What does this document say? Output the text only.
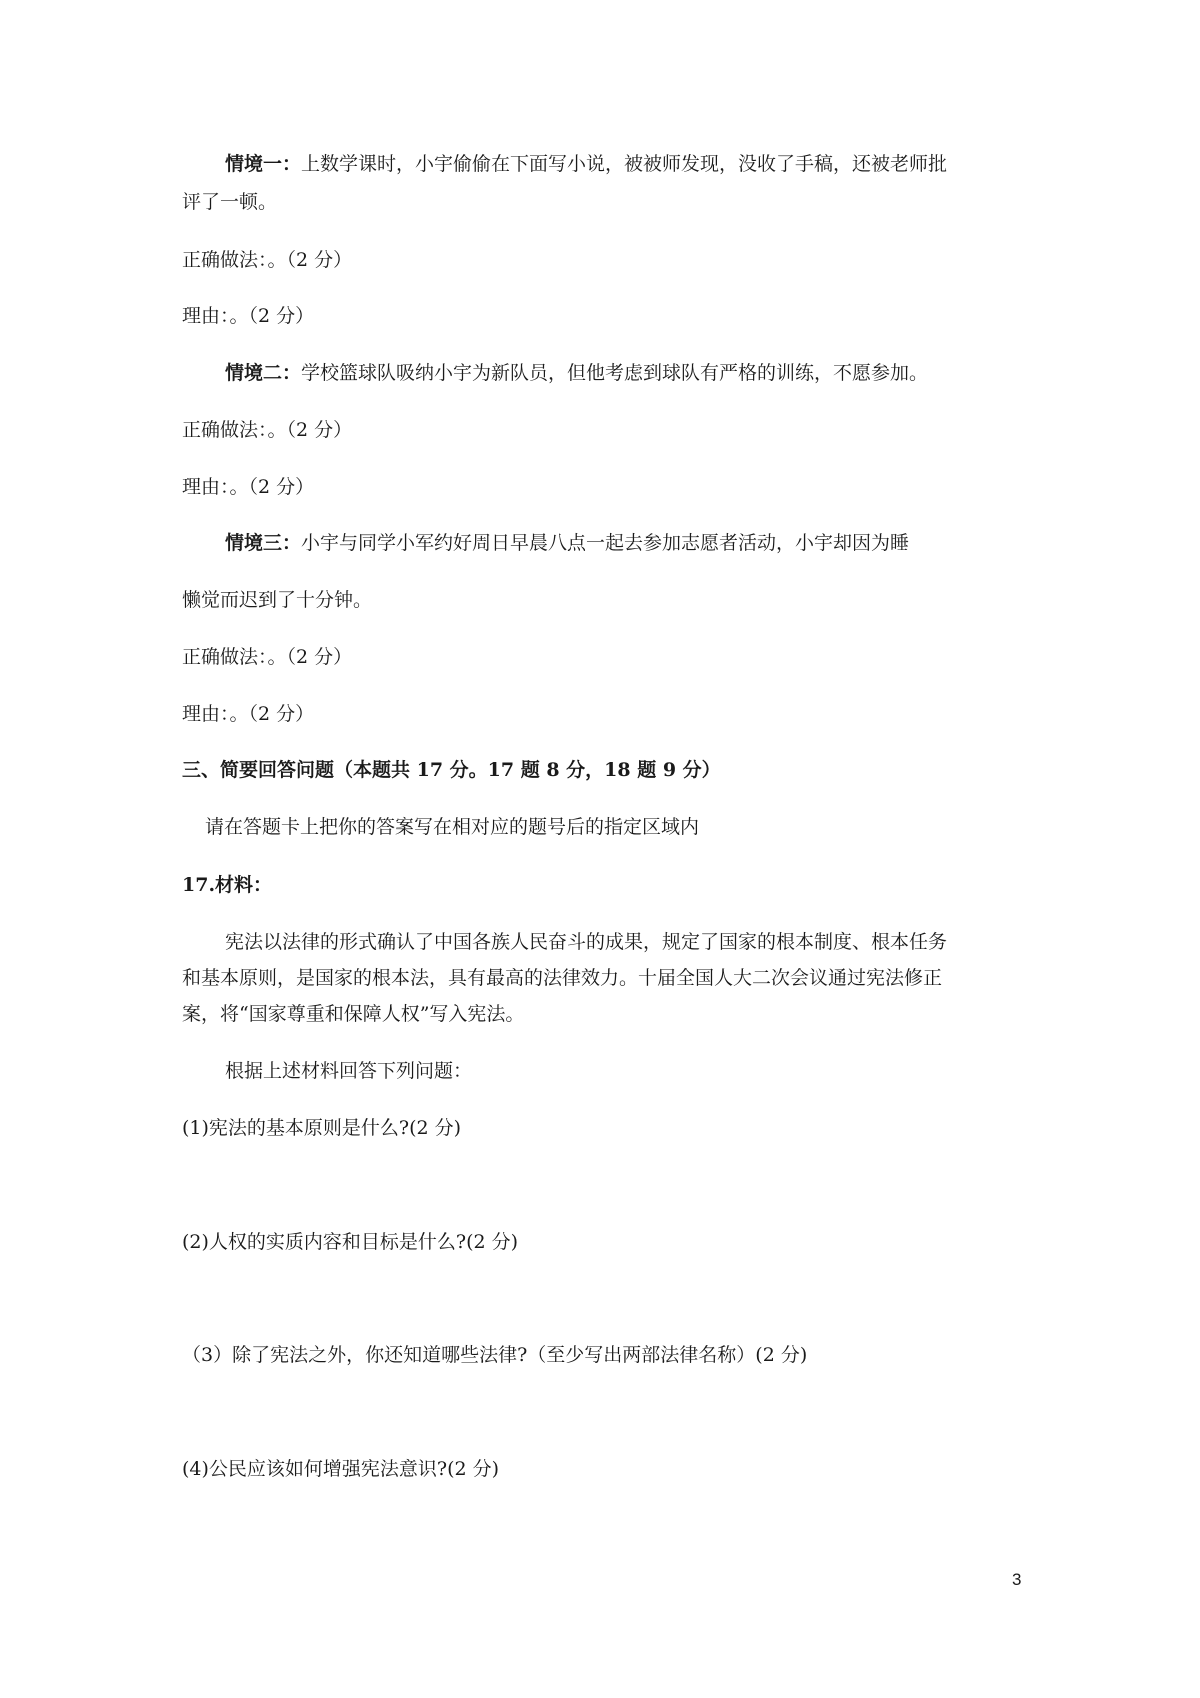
情境一：上数学课时，小宇偷偷在下面写小说，被被师发现，没收了手稿，还被老师批
评了一顿。
正确做法：。（2 分）
理由：。（2 分）
情境二：学校篮球队吸纳小宇为新队员，但他考虑到球队有严格的训练，不愿参加。
正确做法：。（2 分）
理由：。（2 分）
情境三：小宇与同学小军约好周日早晨八点一起去参加志愿者活动，小宇却因为睡
懒觉而迟到了十分钟。
正确做法：。（2 分）
理由：。（2 分）
三、简要回答问题（本题共 17 分。17 题 8 分，18 题 9 分）
请在答题卡上把你的答案写在相对应的题号后的指定区域内
17.材料：
宪法以法律的形式确认了中国各族人民奋斗的成果，规定了国家的根本制度、根本任务
和基本原则，是国家的根本法，具有最高的法律效力。十届全国人大二次会议通过宪法修正
案，将“国家尊重和保障人权”写入宪法。
根据上述材料回答下列问题：
(1)宪法的基本原则是什么?(2 分)
(2)人权的实质内容和目标是什么?(2 分)
（3）除了宪法之外，你还知道哪些法律?（至少写出两部法律名称）(2 分)
(4)公民应该如何增强宪法意识?(2 分)
3
